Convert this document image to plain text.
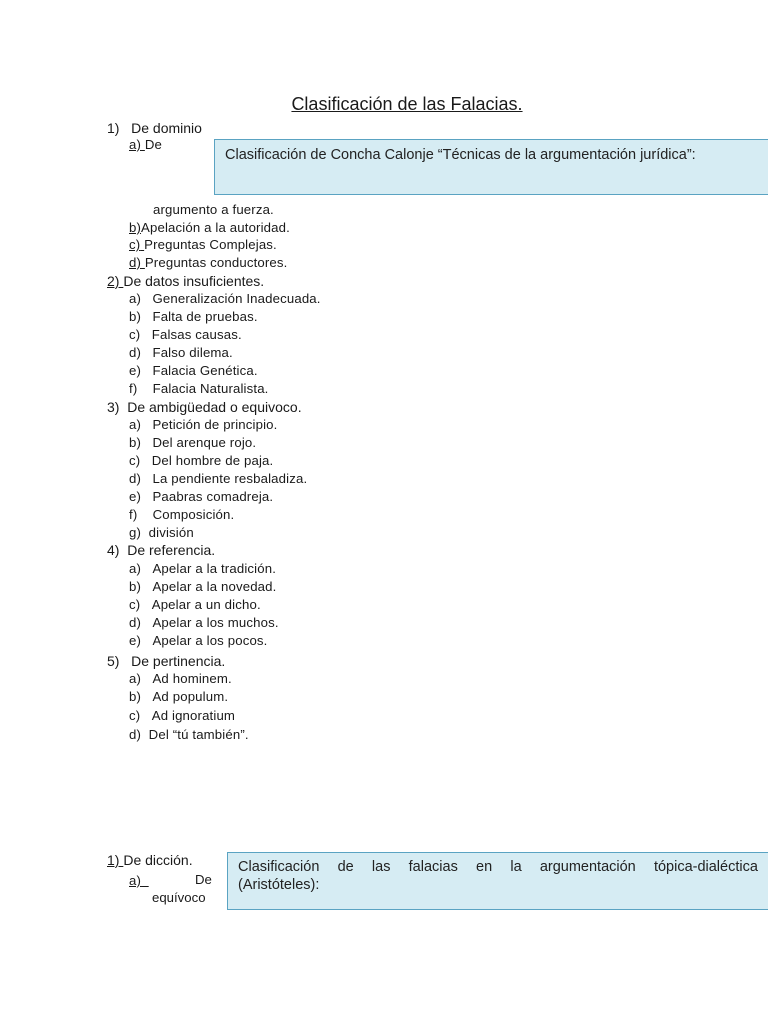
Clasificación de las Falacias.
1) De dominio
a) De
Clasificación de Concha Calonje “Técnicas de la argumentación jurídica”:
argumento a fuerza.
b)Apelación a la autoridad.
c) Preguntas Complejas.
d) Preguntas conductores.
2) De datos insuficientes.
a) Generalización Inadecuada.
b) Falta de pruebas.
c) Falsas causas.
d) Falso dilema.
e) Falacia Genética.
f) Falacia Naturalista.
3) De ambigüedad o equivoco.
a) Petición de principio.
b) Del arenque rojo.
c) Del hombre de paja.
d) La pendiente resbaladiza.
e) Paabras comadreja.
f) Composición.
g) división
4) De referencia.
a) Apelar a la tradición.
b) Apelar a la novedad.
c) Apelar a un dicho.
d) Apelar a los muchos.
e) Apelar a los pocos.
5) De pertinencia.
a) Ad hominem.
b) Ad populum.
c) Ad ignoratium
d) Del “tú también”.
1) De dicción.
a)	De
equívoco
Clasificación de las falacias en la argumentación tópica-dialéctica
(Aristóteles):
